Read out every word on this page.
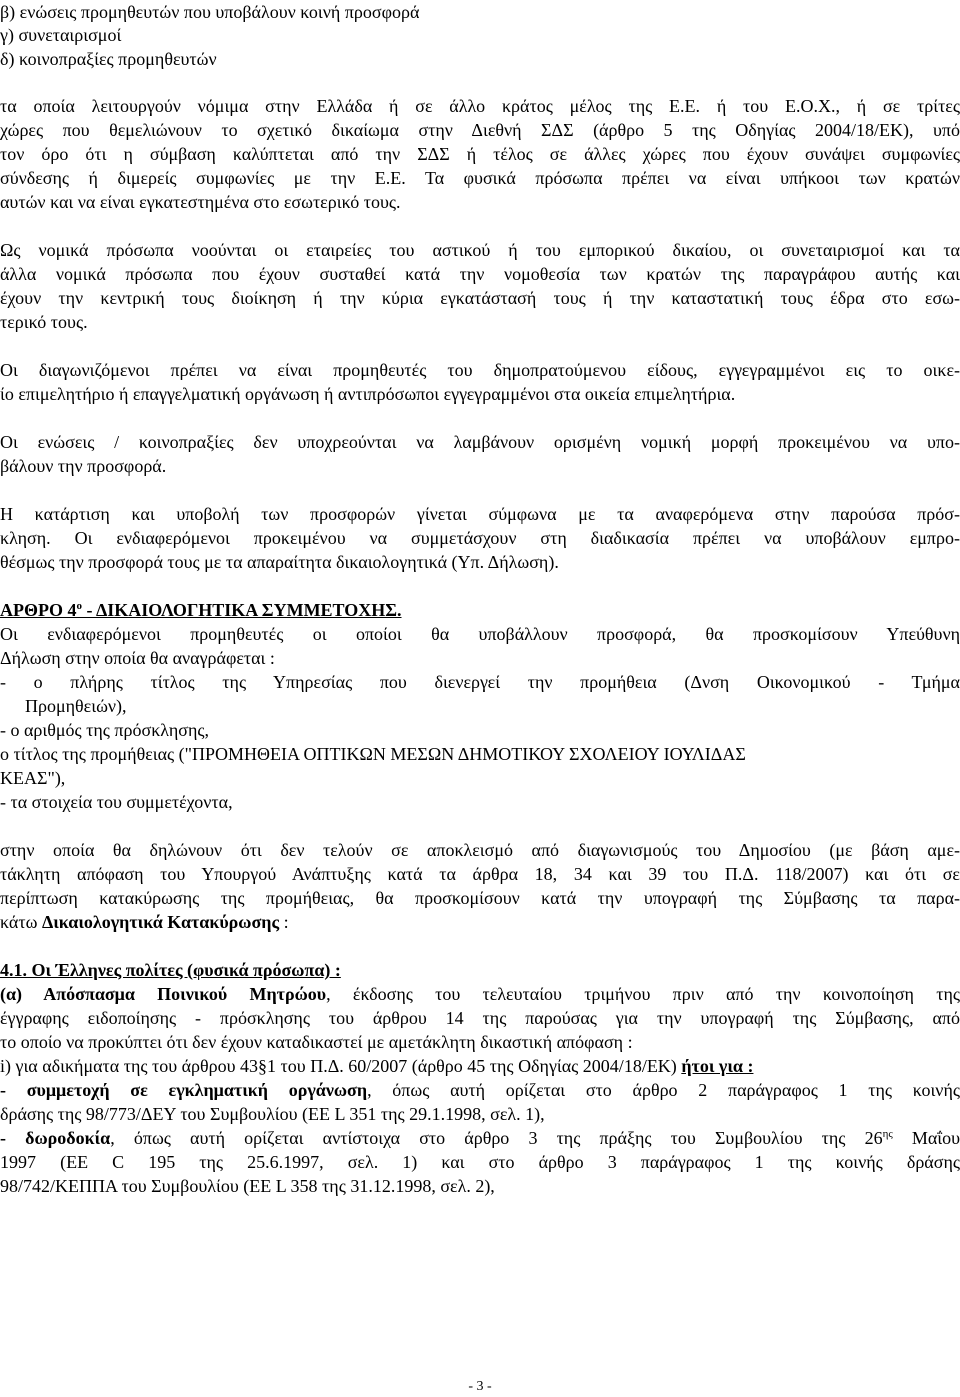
β) ενώσεις προμηθευτών που υποβάλουν κοινή προσφορά
γ) συνεταιρισμοί
δ) κοινοπραξίες προμηθευτών
τα οποία λειτουργούν νόμιμα στην Ελλάδα ή σε άλλο κράτος μέλος της Ε.Ε. ή του Ε.Ο.Χ., ή σε τρίτες
χώρες που θεμελιώνουν το σχετικό δικαίωμα στην Διεθνή ΣΔΣ (άρθρο 5 της Οδηγίας 2004/18/ΕΚ), υπό
τον όρο ότι η σύμβαση καλύπτεται από την ΣΔΣ ή τέλος σε άλλες χώρες που έχουν συνάψει συμφωνίες
σύνδεσης ή διμερείς συμφωνίες με την Ε.Ε. Τα φυσικά πρόσωπα πρέπει να είναι υπήκοοι των κρατών
αυτών και να είναι εγκατεστημένα στο εσωτερικό τους.
Ως νομικά πρόσωπα νοούνται οι εταιρείες του αστικού ή του εμπορικού δικαίου, οι συνεταιρισμοί και τα
άλλα νομικά πρόσωπα που έχουν συσταθεί κατά την νομοθεσία των κρατών της παραγράφου αυτής και
έχουν την κεντρική τους διοίκηση ή την κύρια εγκατάστασή τους ή την καταστατική τους έδρα στο εσω-
τερικό τους.
Οι διαγωνιζόμενοι πρέπει να είναι προμηθευτές του δημοπρατούμενου είδους, εγγεγραμμένοι εις το οικε-
ίο επιμελητήριο ή επαγγελματική οργάνωση ή αντιπρόσωποι εγγεγραμμένοι στα οικεία επιμελητήρια.
Οι ενώσεις / κοινοπραξίες δεν υποχρεούνται να λαμβάνουν ορισμένη νομική μορφή προκειμένου να υπο-
βάλουν την προσφορά.
Η κατάρτιση και υποβολή των προσφορών γίνεται σύμφωνα με τα αναφερόμενα στην παρούσα πρόσ-
κληση. Οι ενδιαφερόμενοι προκειμένου να συμμετάσχουν στη διαδικασία πρέπει να υποβάλουν εμπρο-
θέσμως την προσφορά τους με τα απαραίτητα δικαιολογητικά (Υπ. Δήλωση).
ΑΡΘΡΟ $4^o$ - ΔΙΚΑΙΟΛΟΓΗΤΙΚΑ ΣΥΜΜΕΤΟΧΗΣ.
Οι ενδιαφερόμενοι προμηθευτές οι οποίοι θα υποβάλλουν προσφορά, θα προσκομίσουν Υπεύθυνη
Δήλωση στην οποία θα αναγράφεται :
- ο πλήρης τίτλος της Υπηρεσίας που διενεργεί την προμήθεια (Δνση Οικονομικού - Τμήμα
Προμηθειών),
- ο αριθμός της πρόσκλησης,
ο τίτλος της προμήθειας ("ΠΡΟΜΗΘΕΙΑ ΟΠΤΙΚΩΝ ΜΕΣΩΝ ΔΗΜΟΤΙΚΟΥ ΣΧΟΛΕΙΟΥ ΙΟΥΛΙΔΑΣ
ΚΕΑΣ"),
- τα στοιχεία του συμμετέχοντα,
στην οποία θα δηλώνουν ότι δεν τελούν σε αποκλεισμό από διαγωνισμούς του Δημοσίου (με βάση αμε-
τάκλητη απόφαση του Υπουργού Ανάπτυξης κατά τα άρθρα 18, 34 και 39 του Π.Δ. 118/2007) και ότι σε
περίπτωση κατακύρωσης της προμήθειας, θα προσκομίσουν κατά την υπογραφή της Σύμβασης τα παρα-
κάτω Δικαιολογητικά Κατακύρωσης :
4.1. Οι Έλληνες πολίτες (φυσικά πρόσωπα) :
(α) Απόσπασμα Ποινικού Μητρώου, έκδοσης του τελευταίου τριμήνου πριν από την κοινοποίηση της
έγγραφης ειδοποίησης - πρόσκλησης του άρθρου 14 της παρούσας για την υπογραφή της Σύμβασης, από
το οποίο να προκύπτει ότι δεν έχουν καταδικαστεί με αμετάκλητη δικαστική απόφαση :
i) για αδικήματα της του άρθρου 43§1 του Π.Δ. 60/2007 (άρθρο 45 της Οδηγίας 2004/18/ΕΚ) ήτοι για :
- συμμετοχή σε εγκληματική οργάνωση, όπως αυτή ορίζεται στο άρθρο 2 παράγραφος 1 της κοινής
δράσης της 98/773/ΔΕΥ του Συμβουλίου (ΕΕ L 351 της 29.1.1998, σελ. 1),
- δωροδοκία, όπως αυτή ορίζεται αντίστοιχα στο άρθρο 3 της πράξης του Συμβουλίου της $26^{\eta\varsigma}$ Μαΐου
1997 (ΕΕ C 195 της 25.6.1997, σελ. 1) και στο άρθρο 3 παράγραφος 1 της κοινής δράσης
98/742/ΚΕΠΠΑ του Συμβουλίου (ΕΕ L 358 της 31.12.1998, σελ. 2),
- 3 -
